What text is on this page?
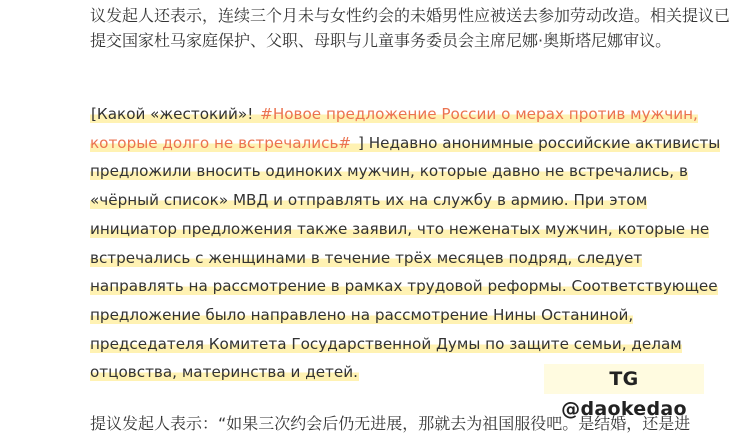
议发起人还表示，连续三个月未与女性约会的未婚男性应被送去参加劳动改造。相关提议已提交国家杜马家庭保护、父职、母职与儿童事务委员会主席尼娜·奥斯塔尼娜审议。

[Какой «жестокий»! #Новое предложение России о мерах против мужчин, которые долго не встречались# ] Недавно анонимные российские активисты предложили вносить одиноких мужчин, которые давно не встречались, в «чёрный список» МВД и отправлять их на службу в армию. При этом инициатор предложения также заявил, что неженатых мужчин, которые не встречались с женщинами в течение трёх месяцев подряд, следует направлять на рассмотрение в рамках трудовой реформы. Соответствующее предложение было направлено на рассмотрение Нины Останиной, председателя Комитета Государственной Думы по защите семьи, делам отцовства, материнства и детей.	TG @daokedao

提议发起人表示：“如果三次约会后仍无进展，那就去为祖国服役吧。是结婚，还是进
